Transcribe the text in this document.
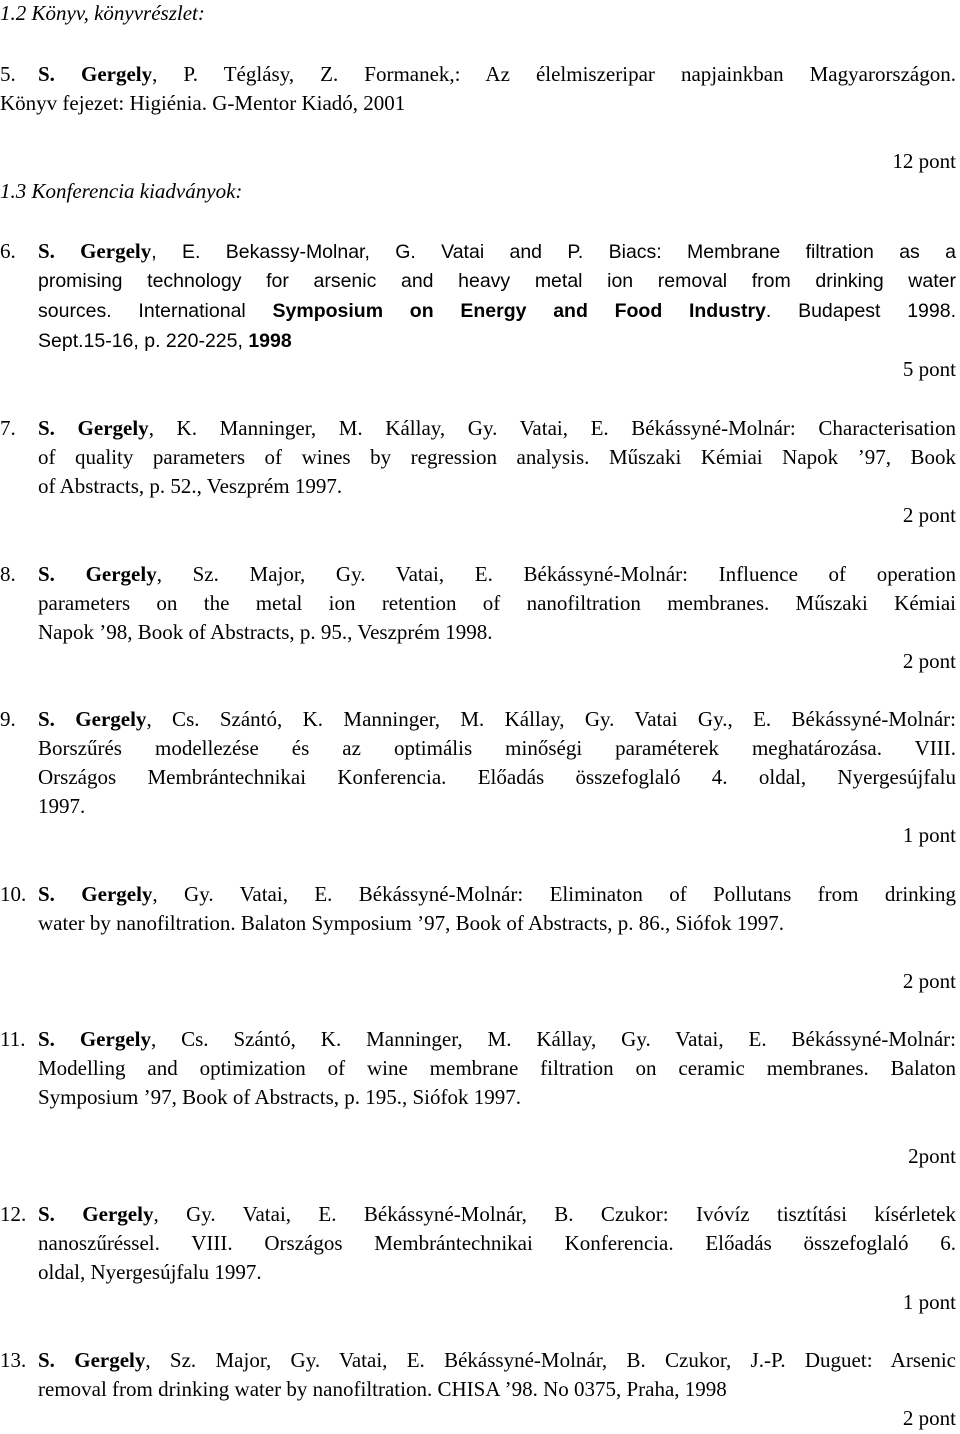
1.2 Könyv, könyvrészlet:
5. S. Gergely, P. Téglásy, Z. Formanek,: Az élelmiszeripar napjainkban Magyarországon.
Könyv fejezet: Higiénia. G-Mentor Kiadó, 2001
12 pont
1.3 Konferencia kiadványok:
6. S. Gergely, E. Bekassy-Molnar, G. Vatai and P. Biacs: Membrane filtration as a
promising technology for arsenic and heavy metal ion removal from drinking water
sources. International Symposium on Energy and Food Industry. Budapest 1998.
Sept.15-16, p. 220-225, 1998
5 pont
7. S. Gergely, K. Manninger, M. Kállay, Gy. Vatai, E. Békássyné-Molnár: Characterisation
of quality parameters of wines by regression analysis. Műszaki Kémiai Napok ’97, Book
of Abstracts, p. 52., Veszprém 1997.
2 pont
8. S. Gergely, Sz. Major, Gy. Vatai, E. Békássyné-Molnár: Influence of operation
parameters on the metal ion retention of nanofiltration membranes. Műszaki Kémiai
Napok ’98, Book of Abstracts, p. 95., Veszprém 1998.
2 pont
9. S. Gergely, Cs. Szántó, K. Manninger, M. Kállay, Gy. Vatai Gy., E. Békássyné-Molnár:
Borszűrés modellezése és az optimális minőségi paraméterek meghatározása. VIII.
Országos Membrántechnikai Konferencia. Előadás összefoglaló 4. oldal, Nyergesújfalu
1997.
1 pont
10. S. Gergely, Gy. Vatai, E. Békássyné-Molnár: Eliminaton of Pollutans from drinking
water by nanofiltration. Balaton Symposium ’97, Book of Abstracts, p. 86., Siófok 1997.
2 pont
11. S. Gergely, Cs. Szántó, K. Manninger, M. Kállay, Gy. Vatai, E. Békássyné-Molnár:
Modelling and optimization of wine membrane filtration on ceramic membranes. Balaton
Symposium ’97, Book of Abstracts, p. 195., Siófok 1997.
2pont
12. S. Gergely, Gy. Vatai, E. Békássyné-Molnár, B. Czukor: Ivóvíz tisztítási kísérletek
nanoszűréssel. VIII. Országos Membrántechnikai Konferencia. Előadás összefoglaló 6.
oldal, Nyergesújfalu 1997.
1 pont
13. S. Gergely, Sz. Major, Gy. Vatai, E. Békássyné-Molnár, B. Czukor, J.-P. Duguet: Arsenic
removal from drinking water by nanofiltration. CHISA ’98. No 0375, Praha, 1998
2 pont
